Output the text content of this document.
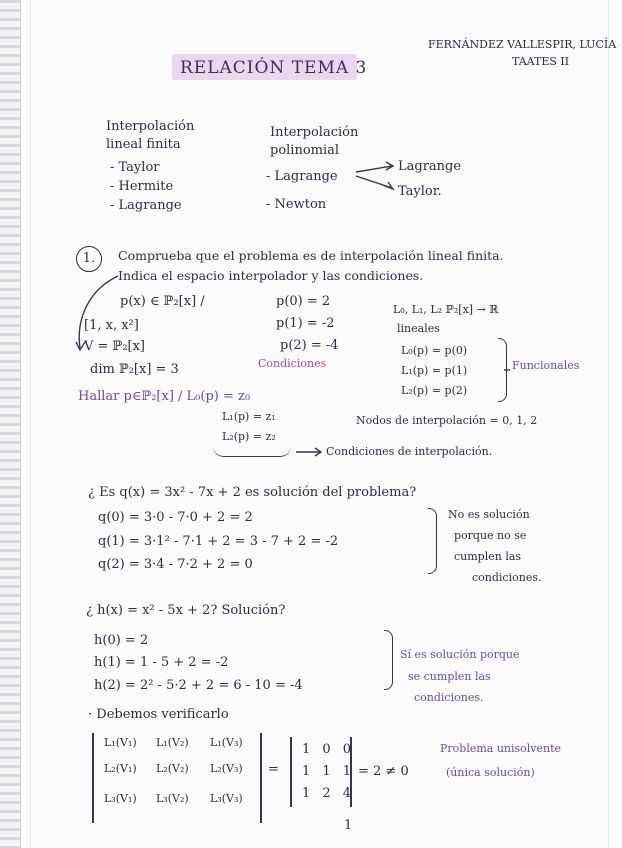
FERNÁNDEZ VALLESPIR, LUCÍA
TAATES II
RELACIÓN TEMA 3
Interpolación
lineal finita
- Taylor
- Hermite
- Lagrange
Interpolación
polinomial
- Lagrange
- Newton
Lagrange
Taylor.
1.	Comprueba que el problema es de interpolación lineal finita.
Indica el espacio interpolador y las condiciones.
p(x) ∈ ℙ₂[x] /	p(0) = 2
p(1) = -2
p(2) = -4
Condiciones
[1, x, x²]
V = ℙ₂[x]
dim ℙ₂[x] = 3
L₀, L₁, L₂ ℙ₂[x] → ℝ
lineales
L₀(p) = p(0)
L₁(p) = p(1)
L₂(p) = p(2)
Funcionales
Hallar p∈ℙ₂[x] / L₀(p) = z₀
L₁(p) = z₁
L₂(p) = z₂
Nodos de interpolación = 0, 1, 2
Condiciones de interpolación.
¿ Es q(x) = 3x² - 7x + 2 es solución del problema?
q(0) = 3·0 - 7·0 + 2 = 2
q(1) = 3·1² - 7·1 + 2 = 3 - 7 + 2 = -2
q(2) = 3·4 - 7·2 + 2 = 0
No es solución
porque no se
cumplen las
condiciones.
¿ h(x) = x² - 5x + 2? Solución?
h(0) = 2
h(1) = 1 - 5 + 2 = -2
h(2) = 2² - 5·2 + 2 = 6 - 10 = -4
Sí es solución porque
se cumplen las
condiciones.
· Debemos verificarlo
L₁(V₁) L₁(V₂) L₁(V₃)
L₂(V₁) L₂(V₂) L₂(V₃)
L₃(V₁) L₃(V₂) L₃(V₃)
=
1 0 0
1 1 1
1 2 4
= 2 ≠ 0
Problema unisolvente
(única solución)
1
